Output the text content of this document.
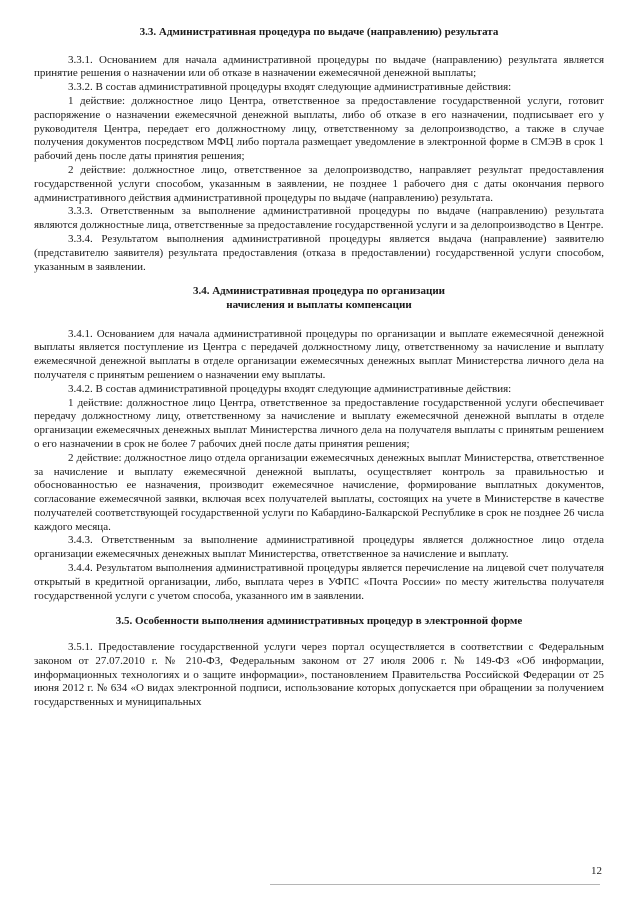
3.3. Административная процедура по выдаче (направлению) результата

3.3.1. Основанием для начала административной процедуры по выдаче (направлению) результата является принятие решения о назначении или об отказе в назначении ежемесячной денежной выплаты;

3.3.2. В состав административной процедуры входят следующие административные действия:

1 действие: должностное лицо Центра, ответственное за предоставление государственной услуги, готовит распоряжение о назначении ежемесячной денежной выплаты, либо об отказе в его назначении, подписывает его у руководителя Центра, передает его должностному лицу, ответственному за делопроизводство, а также в случае получения документов посредством МФЦ либо портала размещает уведомление в электронной форме в СМЭВ в срок 1 рабочий день после даты принятия решения;

2 действие: должностное лицо, ответственное за делопроизводство, направляет результат предоставления государственной услуги способом, указанным в заявлении, не позднее 1 рабочего дня с даты окончания первого административного действия административной процедуры по выдаче (направлению) результата.

3.3.3. Ответственным за выполнение административной процедуры по выдаче (направлению) результата являются должностные лица, ответственные за предоставление государственной услуги и за делопроизводство в Центре.

3.3.4. Результатом выполнения административной процедуры является выдача (направление) заявителю (представителю заявителя) результата предоставления (отказа в предоставлении) государственной услуги способом, указанным в заявлении.

3.4. Административная процедура по организации
начисления и выплаты компенсации

3.4.1. Основанием для начала административной процедуры по организации и выплате ежемесячной денежной выплаты является поступление из Центра с передачей должностному лицу, ответственному за начисление и выплату ежемесячной денежной выплаты в отделе организации ежемесячных денежных выплат Министерства личного дела на получателя с принятым решением о назначении ему выплаты.

3.4.2. В состав административной процедуры входят следующие административные действия:

1 действие: должностное лицо Центра, ответственное за предоставление государственной услуги обеспечивает передачу должностному лицу, ответственному за начисление и выплату ежемесячной денежной выплаты в отделе организации ежемесячных денежных выплат Министерства личного дела на получателя выплаты с принятым решением о его назначении в срок не более 7 рабочих дней после даты принятия решения;

2 действие: должностное лицо отдела организации ежемесячных денежных выплат Министерства, ответственное за начисление и выплату ежемесячной денежной выплаты, осуществляет контроль за правильностью и обоснованностью ее назначения, производит ежемесячное начисление, формирование выплатных документов, согласование ежемесячной заявки, включая всех получателей выплаты, состоящих на учете в Министерстве в качестве получателей соответствующей государственной услуги по Кабардино-Балкарской Республике в срок не позднее 26 числа каждого месяца.

3.4.3. Ответственным за выполнение административной процедуры является должностное лицо отдела организации ежемесячных денежных выплат Министерства, ответственное за начисление и выплату.

3.4.4. Результатом выполнения административной процедуры является перечисление на лицевой счет получателя открытый в кредитной организации, либо, выплата через в УФПС «Почта России» по месту жительства получателя государственной услуги с учетом способа, указанного им в заявлении.

3.5. Особенности выполнения административных процедур в электронной форме

3.5.1. Предоставление государственной услуги через портал осуществляется в соответствии с Федеральным законом от 27.07.2010 г. № 210-ФЗ, Федеральным законом от 27 июля 2006 г. № 149-ФЗ «Об информации, информационных технологиях и о защите информации», постановлением Правительства Российской Федерации от 25 июня 2012 г. № 634 «О видах электронной подписи, использование которых допускается при обращении за получением государственных и муниципальных

12
